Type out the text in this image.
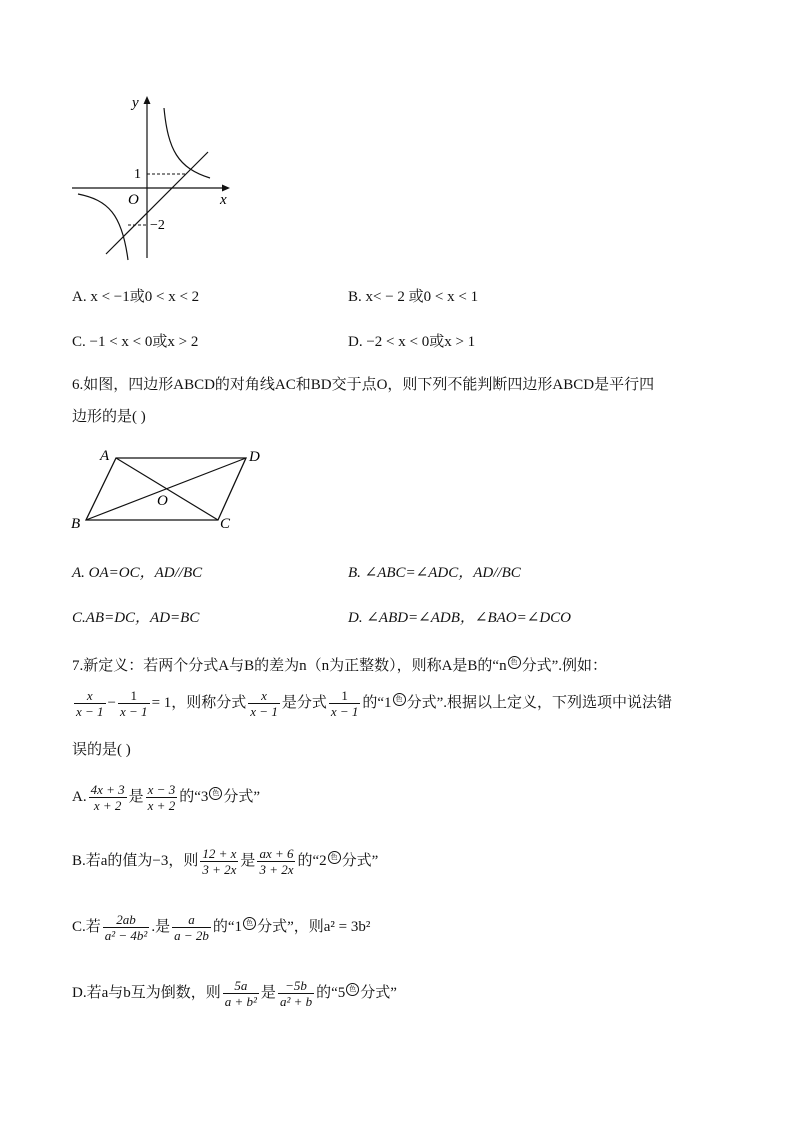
y
x
1
O
−2
A. x < −1或0 < x < 2	B. x< − 2 或0 < x < 1
C. −1 < x < 0或x > 2	D. −2 < x < 0或x > 1
6.如图，四边形ABCD的对角线AC和BD交于点O，则下列不能判断四边形ABCD是平行四
边形的是( )
A	D
B	C
O
A. OA=OC，AD//BC	B. ∠ABC=∠ADC，AD//BC
C.AB=DC，AD=BC	D. ∠ABD=∠ADB，∠BAO=∠DCO
7.新定义：若两个分式A与B的差为n（n为正整数），则称A是B的“n 色 分式”.例如：
$\frac{x}{x - 1} - \frac{1}{x - 1} = 1$，则称分式 $\frac{x}{x - 1}$ 是分式 $\frac{1}{x - 1}$ 的“1 色 分式”.根据以上定义，下列选项中说法错
误的是( )
A. $\frac{4x + 3}{x + 2}$ 是 $\frac{x - 3}{x + 2}$ 的“3 色 分式”
B.若a的值为−3，则 $\frac{12 + x}{3 + 2x}$ 是 $\frac{ax + 6}{3 + 2x}$ 的“2 色 分式”
C.若 $\frac{2ab}{\text{a² − 4b²}}$ .是 $\frac{a}{a - 2b}$ 的“1 色 分式”，则a² = 3b²
D.若a与b互为倒数，则 $\frac{5a}{\text{a + b²}}$ 是 $\frac{-5b}{\text{a² + b}}$ 的“5 色 分式”
